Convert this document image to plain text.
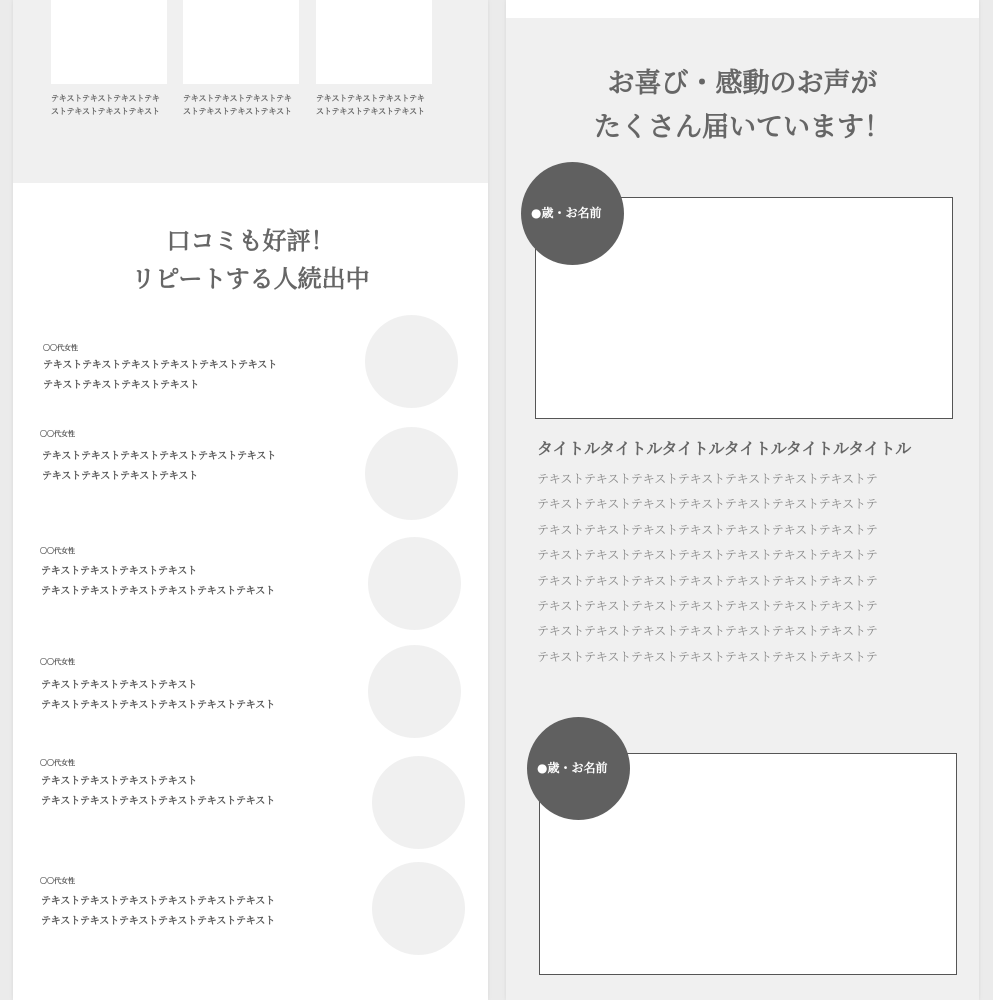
テキストテキストテキストテキ
ストテキストテキストテキスト
テキストテキストテキストテキ
ストテキストテキストテキスト
テキストテキストテキストテキ
ストテキストテキストテキスト
口コミも好評！
リピートする人続出中
〇〇代女性
テキストテキストテキストテキストテキストテキスト
テキストテキストテキストテキスト
〇〇代女性
テキストテキストテキストテキストテキストテキスト
テキストテキストテキストテキスト
〇〇代女性
テキストテキストテキストテキスト
テキストテキストテキストテキストテキストテキスト
〇〇代女性
テキストテキストテキストテキスト
テキストテキストテキストテキストテキストテキスト
〇〇代女性
テキストテキストテキストテキスト
テキストテキストテキストテキストテキストテキスト
〇〇代女性
テキストテキストテキストテキストテキストテキスト
テキストテキストテキストテキストテキストテキスト
お喜び・感動のお声が
たくさん届いています！
●歳・お名前
タイトルタイトルタイトルタイトルタイトルタイトル
テキストテキストテキストテキストテキストテキストテキストテ
テキストテキストテキストテキストテキストテキストテキストテ
テキストテキストテキストテキストテキストテキストテキストテ
テキストテキストテキストテキストテキストテキストテキストテ
テキストテキストテキストテキストテキストテキストテキストテ
テキストテキストテキストテキストテキストテキストテキストテ
テキストテキストテキストテキストテキストテキストテキストテ
テキストテキストテキストテキストテキストテキストテキストテ
●歳・お名前
